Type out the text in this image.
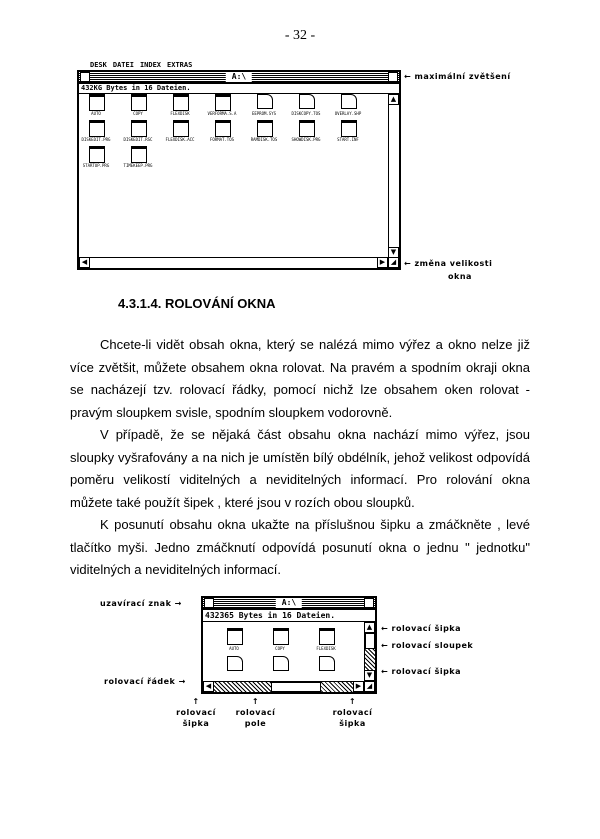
- 32 -
DESK DATEI INDEX EXTRAS
A:\
432KG Bytes in 16 Dateien.
AUTO	COPY	FLEXDISK	VERFORMA.S.A	EEPROM.SYS	DISKCOPY.TOS	OVERLAY.SHP
DISKEDIT.PRG	DISKEDIT.RSC	FLEXDISK.ACC	FORMAT.TOS	RAMDISK.TOS	SHOWDISK.PRG	START.INF
STARTUP.PRG	TIMEKEEP.PRG
▲
▼
◀	▶ ◢
← maximální zvětšení
← změna velikosti
okna
4.3.1.4. ROLOVÁNÍ OKNA

Chcete-li vidět obsah okna, který se nalézá mimo výřez a okno nelze již více zvětšit, můžete obsahem okna rolovat. Na pravém a spodním okraji okna se nacházejí tzv. rolovací řádky, pomocí nichž lze obsahem oken rolovat - pravým sloupkem svisle, spodním sloupkem vodorovně.

V případě, že se nějaká část obsahu okna nachází mimo výřez, jsou sloupky vyšrafovány a na nich je umístěn bílý obdélník, jehož velikost odpovídá poměru velikostí viditelných a neviditelných informací. Pro rolování okna můžete také použít šipek , které jsou v rozích obou sloupků.

K posunutí obsahu okna ukažte na příslušnou šipku a zmáčkněte , levé tlačítko myši. Jedno zmáčknutí odpovídá posunutí okna o jednu " jednotku" viditelných a neviditelných informací.

A:\
432365 Bytes in 16 Dateien.
AUTO	COPY	FLEXDISK
▲
▼
◀	▶ ◢
uzavírací znak →
← rolovací šipka
← rolovací sloupek
← rolovací šipka
rolovací řádek →
↑
rolovací
šipka
↑
rolovací
pole
↑
rolovací
šipka
